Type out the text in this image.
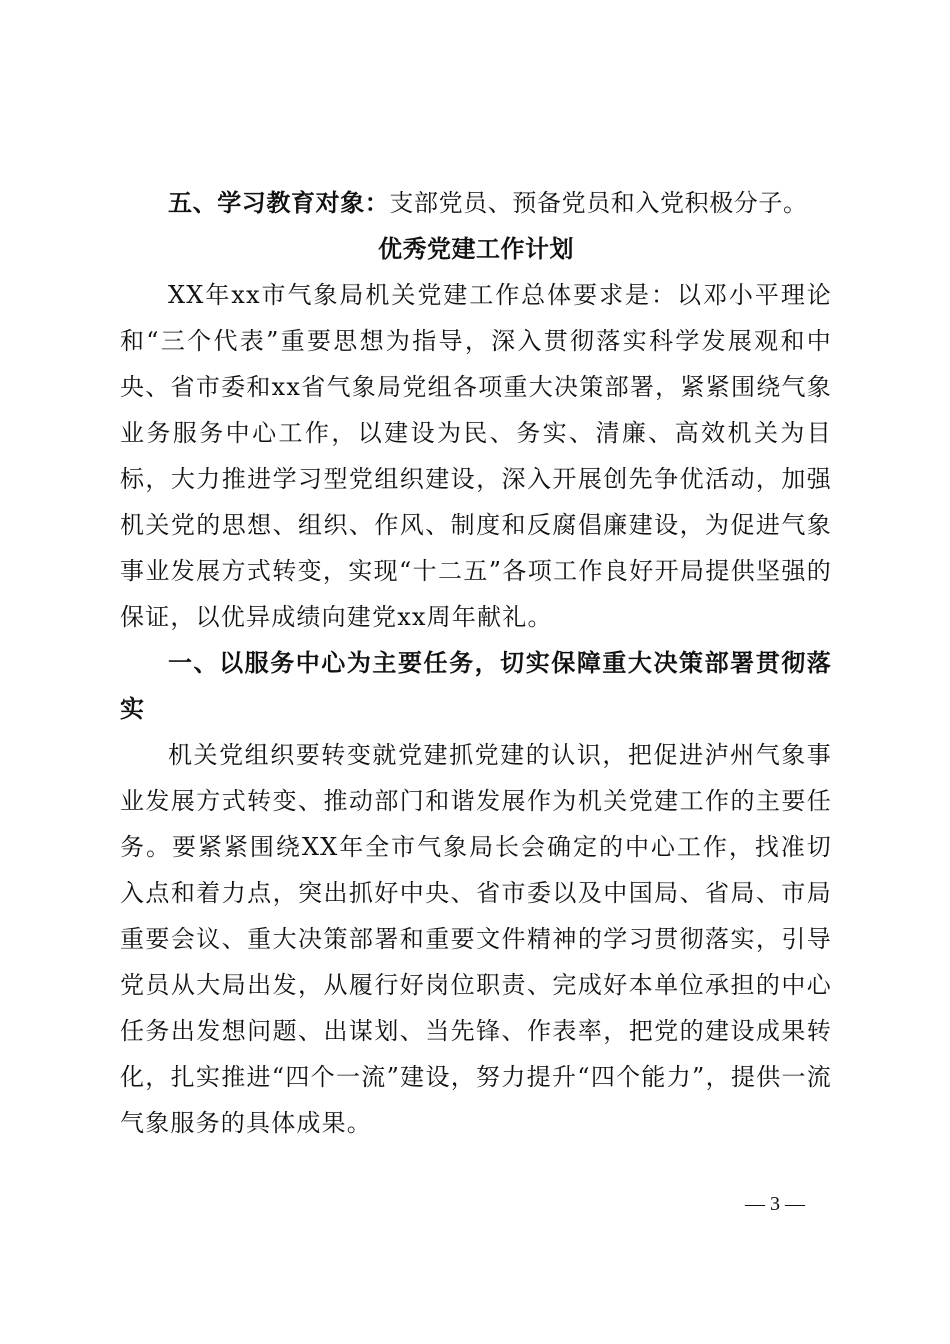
五、学习教育对象：支部党员、预备党员和入党积极分子。

优秀党建工作计划

XX年xx市气象局机关党建工作总体要求是：以邓小平理论和“三个代表”重要思想为指导，深入贯彻落实科学发展观和中央、省市委和xx省气象局党组各项重大决策部署，紧紧围绕气象业务服务中心工作，以建设为民、务实、清廉、高效机关为目标，大力推进学习型党组织建设，深入开展创先争优活动，加强机关党的思想、组织、作风、制度和反腐倡廉建设，为促进气象事业发展方式转变，实现“十二五”各项工作良好开局提供坚强的保证，以优异成绩向建党xx周年献礼。

一、以服务中心为主要任务，切实保障重大决策部署贯彻落实

机关党组织要转变就党建抓党建的认识，把促进泸州气象事业发展方式转变、推动部门和谐发展作为机关党建工作的主要任务。要紧紧围绕XX年全市气象局长会确定的中心工作，找准切入点和着力点，突出抓好中央、省市委以及中国局、省局、市局重要会议、重大决策部署和重要文件精神的学习贯彻落实，引导党员从大局出发，从履行好岗位职责、完成好本单位承担的中心任务出发想问题、出谋划、当先锋、作表率，把党的建设成果转化，扎实推进“四个一流”建设，努力提升“四个能力”，提供一流气象服务的具体成果。

— 3 —
